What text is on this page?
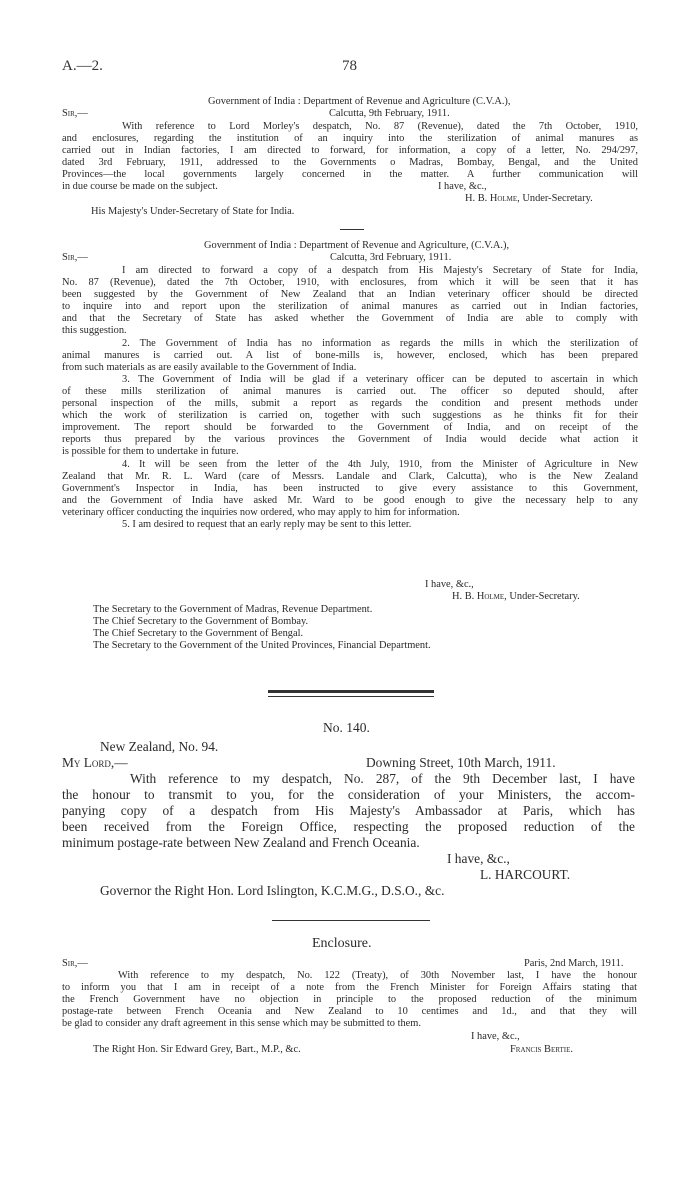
A.—2.	78
Government of India : Department of Revenue and Agriculture (C.V.A.),
Sir,—	Calcutta, 9th February, 1911.
With reference to Lord Morley's despatch, No. 87 (Revenue), dated the 7th October, 1910,
and enclosures, regarding the institution of an inquiry into the sterilization of animal manures as
carried out in Indian factories, I am directed to forward, for information, a copy of a letter, No. 294/297,
dated 3rd February, 1911, addressed to the Governments o Madras, Bombay, Bengal, and the United
Provinces—the local governments largely concerned in the matter. A further communication will
in due course be made on the subject.	I have, &c.,
H. B. Holme, Under-Secretary.
His Majesty's Under-Secretary of State for India.
Government of India : Department of Revenue and Agriculture, (C.V.A.),
Sir,—	Calcutta, 3rd February, 1911.
I am directed to forward a copy of a despatch from His Majesty's Secretary of State for India,
No. 87 (Revenue), dated the 7th October, 1910, with enclosures, from which it will be seen that it has
been suggested by the Government of New Zealand that an Indian veterinary officer should be directed
to inquire into and report upon the sterilization of animal manures as carried out in Indian factories,
and that the Secretary of State has asked whether the Government of India are able to comply with
this suggestion.
2. The Government of India has no information as regards the mills in which the sterilization of
animal manures is carried out. A list of bone-mills is, however, enclosed, which has been prepared
from such materials as are easily available to the Government of India.
3. The Government of India will be glad if a veterinary officer can be deputed to ascertain in which
of these mills sterilization of animal manures is carried out. The officer so deputed should, after
personal inspection of the mills, submit a report as regards the condition and present methods under
which the work of sterilization is carried on, together with such suggestions as he thinks fit for their
improvement. The report should be forwarded to the Government of India, and on receipt of the
reports thus prepared by the various provinces the Government of India would decide what action it
is possible for them to undertake in future.
4. It will be seen from the letter of the 4th July, 1910, from the Minister of Agriculture in New
Zealand that Mr. R. L. Ward (care of Messrs. Landale and Clark, Calcutta), who is the New Zealand
Government's Inspector in India, has been instructed to give every assistance to this Government,
and the Government of India have asked Mr. Ward to be good enough to give the necessary help to any
veterinary officer conducting the inquiries now ordered, who may apply to him for information.
5. I am desired to request that an early reply may be sent to this letter.
I have, &c.,
H. B. Holme, Under-Secretary.
The Secretary to the Government of Madras, Revenue Department.
The Chief Secretary to the Government of Bombay.
The Chief Secretary to the Government of Bengal.
The Secretary to the Government of the United Provinces, Financial Department.
No. 140.
New Zealand, No. 94.
My Lord,—	Downing Street, 10th March, 1911.
With reference to my despatch, No. 287, of the 9th December last, I have
the honour to transmit to you, for the consideration of your Ministers, the accom-
panying copy of a despatch from His Majesty's Ambassador at Paris, which has
been received from the Foreign Office, respecting the proposed reduction of the
minimum postage-rate between New Zealand and French Oceania.
I have, &c.,
L. HARCOURT.
Governor the Right Hon. Lord Islington, K.C.M.G., D.S.O., &c.
Enclosure.
Sir,—	Paris, 2nd March, 1911.
With reference to my despatch, No. 122 (Treaty), of 30th November last, I have the honour
to inform you that I am in receipt of a note from the French Minister for Foreign Affairs stating that
the French Government have no objection in principle to the proposed reduction of the minimum
postage-rate between French Oceania and New Zealand to 10 centimes and 1d., and that they will
be glad to consider any draft agreement in this sense which may be submitted to them.
I have, &c.,
The Right Hon. Sir Edward Grey, Bart., M.P., &c.	Francis Bertie.
